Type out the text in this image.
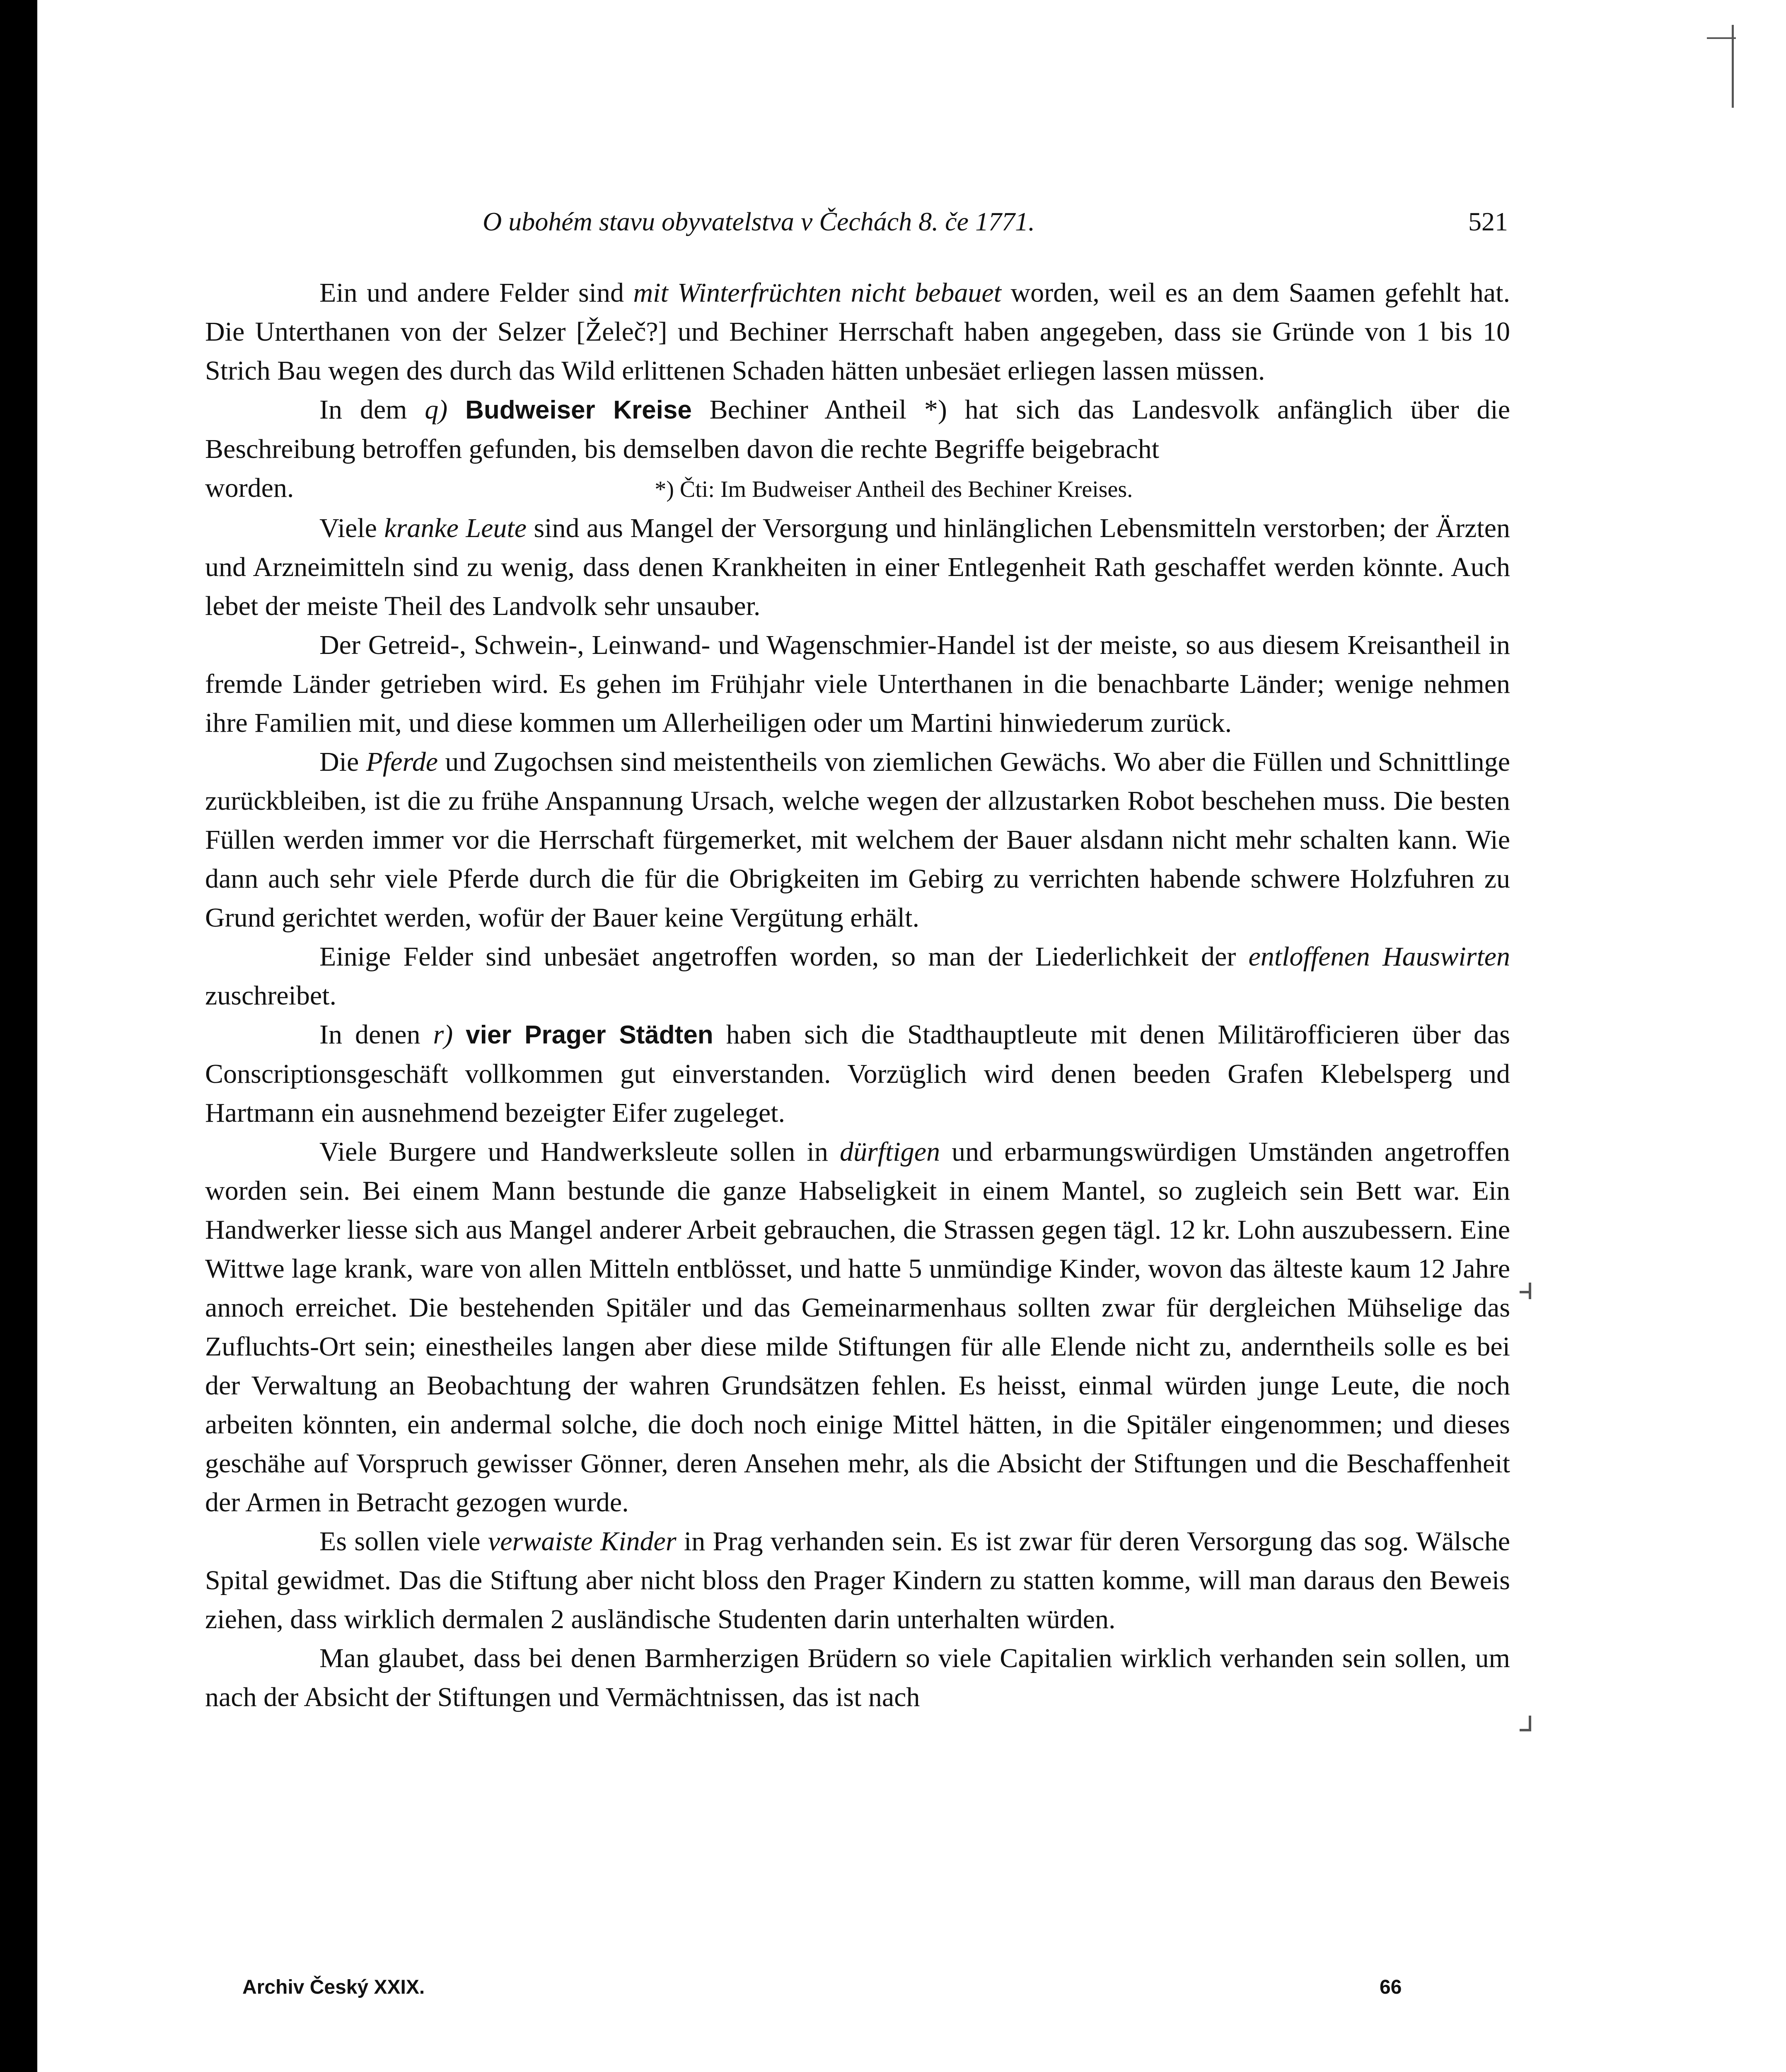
O ubohém stavu obyvatelstva v Čechách 8. če 1771.	521

Ein und andere Felder sind mit Winterfrüchten nicht bebauet worden, weil es an dem Saamen gefehlt hat. Die Unterthanen von der Selzer [Želeč?] und Bechiner Herrschaft haben angegeben, dass sie Gründe von 1 bis 10 Strich Bau wegen des durch das Wild erlittenen Schaden hätten unbesäet erliegen lassen müssen.

In dem q) Budweiser Kreise Bechiner Antheil *) hat sich das Landesvolk anfänglich über die Beschreibung betroffen gefunden, bis demselben davon die rechte Begriffe beigebracht

worden.	*) Čti: Im Budweiser Antheil des Bechiner Kreises.

Viele kranke Leute sind aus Mangel der Versorgung und hinlänglichen Lebensmitteln verstorben; der Ärzten und Arzneimitteln sind zu wenig, dass denen Krankheiten in einer Entlegenheit Rath geschaffet werden könnte. Auch lebet der meiste Theil des Landvolk sehr unsauber.

Der Getreid-, Schwein-, Leinwand- und Wagenschmier-Handel ist der meiste, so aus diesem Kreisantheil in fremde Länder getrieben wird. Es gehen im Frühjahr viele Unterthanen in die benachbarte Länder; wenige nehmen ihre Familien mit, und diese kommen um Allerheiligen oder um Martini hinwiederum zurück.

Die Pferde und Zugochsen sind meistentheils von ziemlichen Gewächs. Wo aber die Füllen und Schnittlinge zurückbleiben, ist die zu frühe Anspannung Ursach, welche wegen der allzustarken Robot beschehen muss. Die besten Füllen werden immer vor die Herrschaft fürgemerket, mit welchem der Bauer alsdann nicht mehr schalten kann. Wie dann auch sehr viele Pferde durch die für die Obrigkeiten im Gebirg zu verrichten habende schwere Holzfuhren zu Grund gerichtet werden, wofür der Bauer keine Vergütung erhält.

Einige Felder sind unbesäet angetroffen worden, so man der Liederlichkeit der entloffenen Hauswirten zuschreibet.

In denen r) vier Prager Städten haben sich die Stadthauptleute mit denen Militärofficieren über das Conscriptionsgeschäft vollkommen gut einverstanden. Vorzüglich wird denen beeden Grafen Klebelsperg und Hartmann ein ausnehmend bezeigter Eifer zugeleget.

Viele Burgere und Handwerksleute sollen in dürftigen und erbarmungswürdigen Umständen angetroffen worden sein. Bei einem Mann bestunde die ganze Habseligkeit in einem Mantel, so zugleich sein Bett war. Ein Handwerker liesse sich aus Mangel anderer Arbeit gebrauchen, die Strassen gegen tägl. 12 kr. Lohn auszubessern. Eine Wittwe lage krank, ware von allen Mitteln entblösset, und hatte 5 unmündige Kinder, wovon das älteste kaum 12 Jahre annoch erreichet. Die bestehenden Spitäler und das Gemeinarmenhaus sollten zwar für dergleichen Mühselige das Zufluchts-Ort sein; einestheiles langen aber diese milde Stiftungen für alle Elende nicht zu, anderntheils solle es bei der Verwaltung an Beobachtung der wahren Grundsätzen fehlen. Es heisst, einmal würden junge Leute, die noch arbeiten könnten, ein andermal solche, die doch noch einige Mittel hätten, in die Spitäler eingenommen; und dieses geschähe auf Vorspruch gewisser Gönner, deren Ansehen mehr, als die Absicht der Stiftungen und die Beschaffenheit der Armen in Betracht gezogen wurde.

Es sollen viele verwaiste Kinder in Prag verhanden sein. Es ist zwar für deren Versorgung das sog. Wälsche Spital gewidmet. Das die Stiftung aber nicht bloss den Prager Kindern zu statten komme, will man daraus den Beweis ziehen, dass wirklich dermalen 2 ausländische Studenten darin unterhalten würden.

Man glaubet, dass bei denen Barmherzigen Brüdern so viele Capitalien wirklich verhanden sein sollen, um nach der Absicht der Stiftungen und Vermächtnissen, das ist nach

Archiv Český XXIX.	66
